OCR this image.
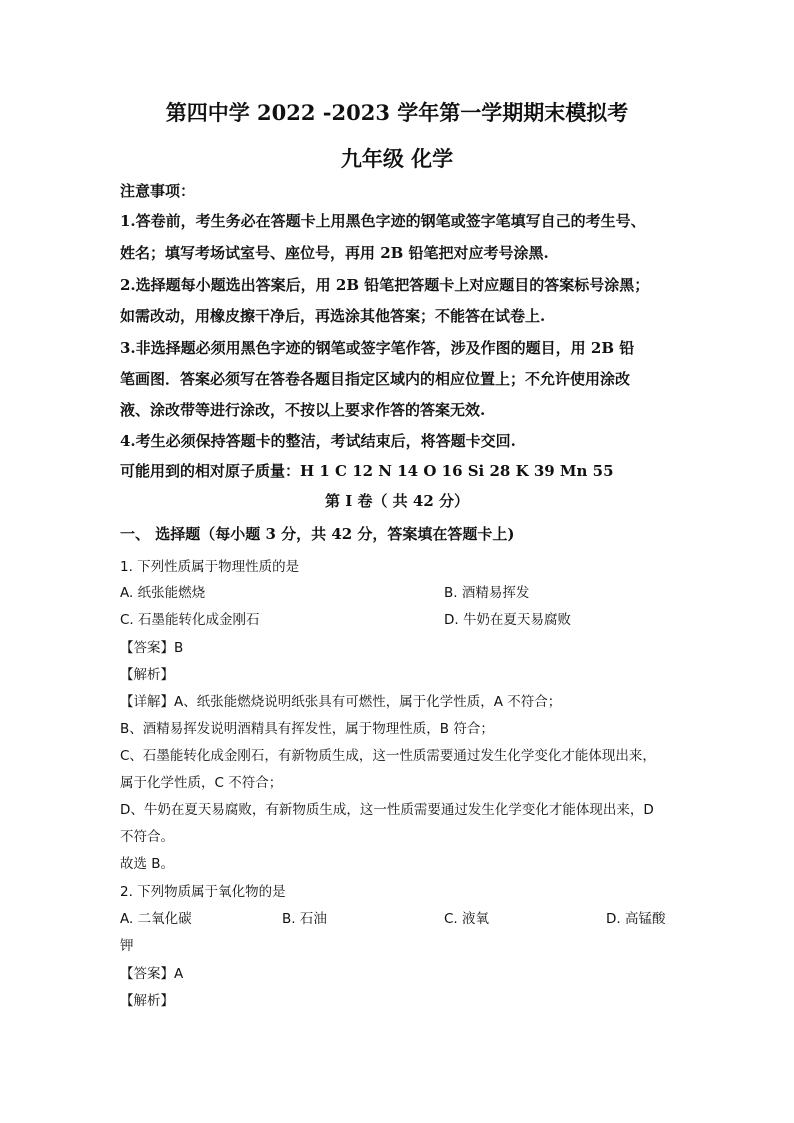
第四中学 2022 -2023 学年第一学期期末模拟考
九年级 化学
注意事项：
1.答卷前，考生务必在答题卡上用黑色字迹的钢笔或签字笔填写自己的考生号、
姓名；填写考场试室号、座位号，再用 2B 铅笔把对应考号涂黑.
2.选择题每小题选出答案后，用 2B 铅笔把答题卡上对应题目的答案标号涂黑；
如需改动，用橡皮擦干净后，再选涂其他答案；不能答在试卷上.
3.非选择题必须用黑色字迹的钢笔或签字笔作答，涉及作图的题目，用 2B 铅
笔画图．答案必须写在答卷各题目指定区域内的相应位置上；不允许使用涂改
液、涂改带等进行涂改，不按以上要求作答的答案无效.
4.考生必须保持答题卡的整洁，考试结束后，将答题卡交回.
可能用到的相对原子质量：H 1 C 12 N 14 O 16 Si 28 K 39 Mn 55
第 I 卷（ 共 42 分）
一、 选择题（每小题 3 分，共 42 分，答案填在答题卡上)
1. 下列性质属于物理性质的是
A. 纸张能燃烧	B. 酒精易挥发
C. 石墨能转化成金刚石	D. 牛奶在夏天易腐败
【答案】B
【解析】
【详解】A、纸张能燃烧说明纸张具有可燃性，属于化学性质，A 不符合；
B、酒精易挥发说明酒精具有挥发性，属于物理性质，B 符合；
C、石墨能转化成金刚石，有新物质生成，这一性质需要通过发生化学变化才能体现出来，
属于化学性质，C 不符合；
D、牛奶在夏天易腐败，有新物质生成，这一性质需要通过发生化学变化才能体现出来，D
不符合。
故选 B。
2. 下列物质属于氧化物的是
A. 二氧化碳	B. 石油	C. 液氧	D. 高锰酸
钾
【答案】A
【解析】
